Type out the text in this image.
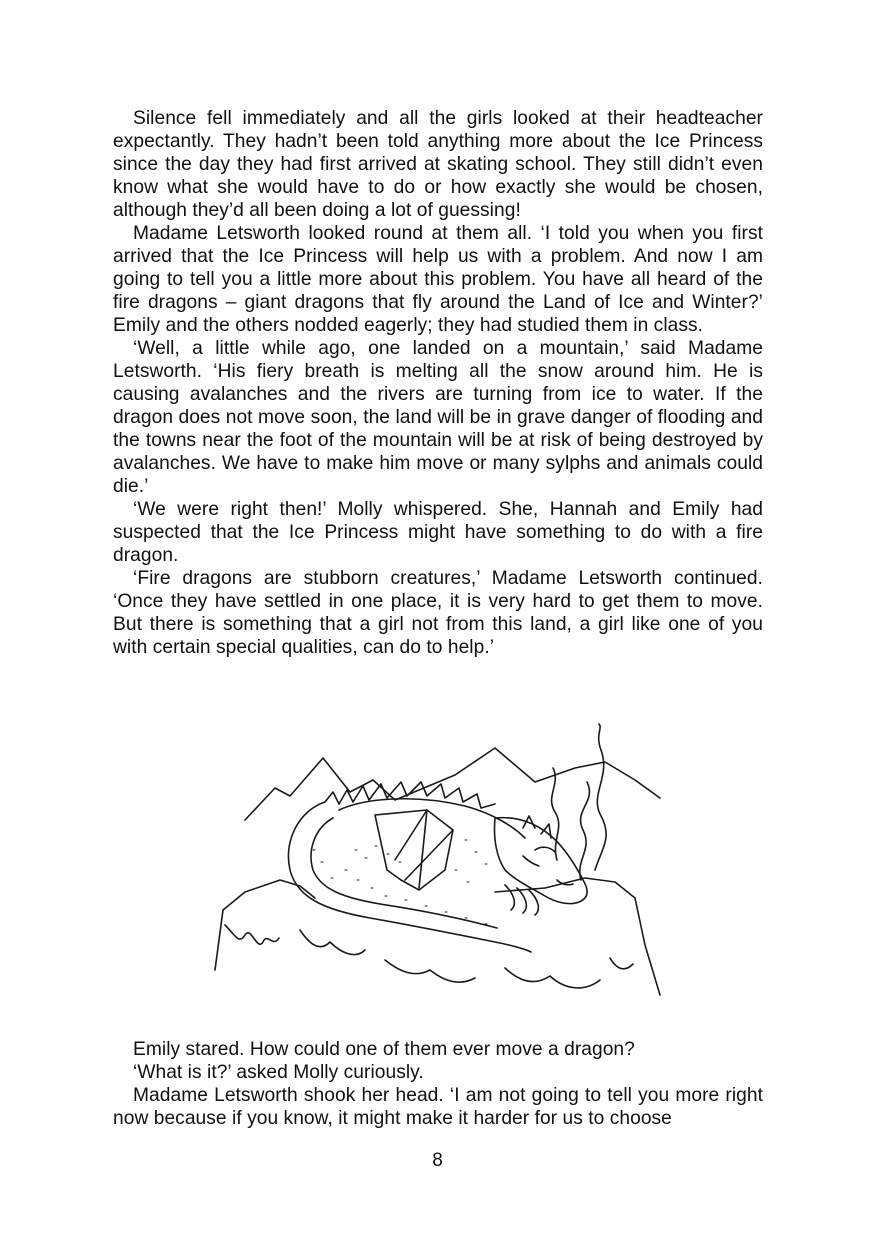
Silence fell immediately and all the girls looked at their headteacher expectantly. They hadn’t been told anything more about the Ice Princess since the day they had first arrived at skating school. They still didn’t even know what she would have to do or how exactly she would be chosen, although they’d all been doing a lot of guessing!

Madame Letsworth looked round at them all. ‘I told you when you first arrived that the Ice Princess will help us with a problem. And now I am going to tell you a little more about this problem. You have all heard of the fire dragons – giant dragons that fly around the Land of Ice and Winter?’ Emily and the others nodded eagerly; they had studied them in class.

‘Well, a little while ago, one landed on a mountain,’ said Madame Letsworth. ‘His fiery breath is melting all the snow around him. He is causing avalanches and the rivers are turning from ice to water. If the dragon does not move soon, the land will be in grave danger of flooding and the towns near the foot of the mountain will be at risk of being destroyed by avalanches. We have to make him move or many sylphs and animals could die.’

‘We were right then!’ Molly whispered. She, Hannah and Emily had suspected that the Ice Princess might have something to do with a fire dragon.

‘Fire dragons are stubborn creatures,’ Madame Letsworth continued. ‘Once they have settled in one place, it is very hard to get them to move. But there is something that a girl not from this land, a girl like one of you with certain special qualities, can do to help.’

Emily stared. How could one of them ever move a dragon?

‘What is it?’ asked Molly curiously.

Madame Letsworth shook her head. ‘I am not going to tell you more right now because if you know, it might make it harder for us to choose

8
